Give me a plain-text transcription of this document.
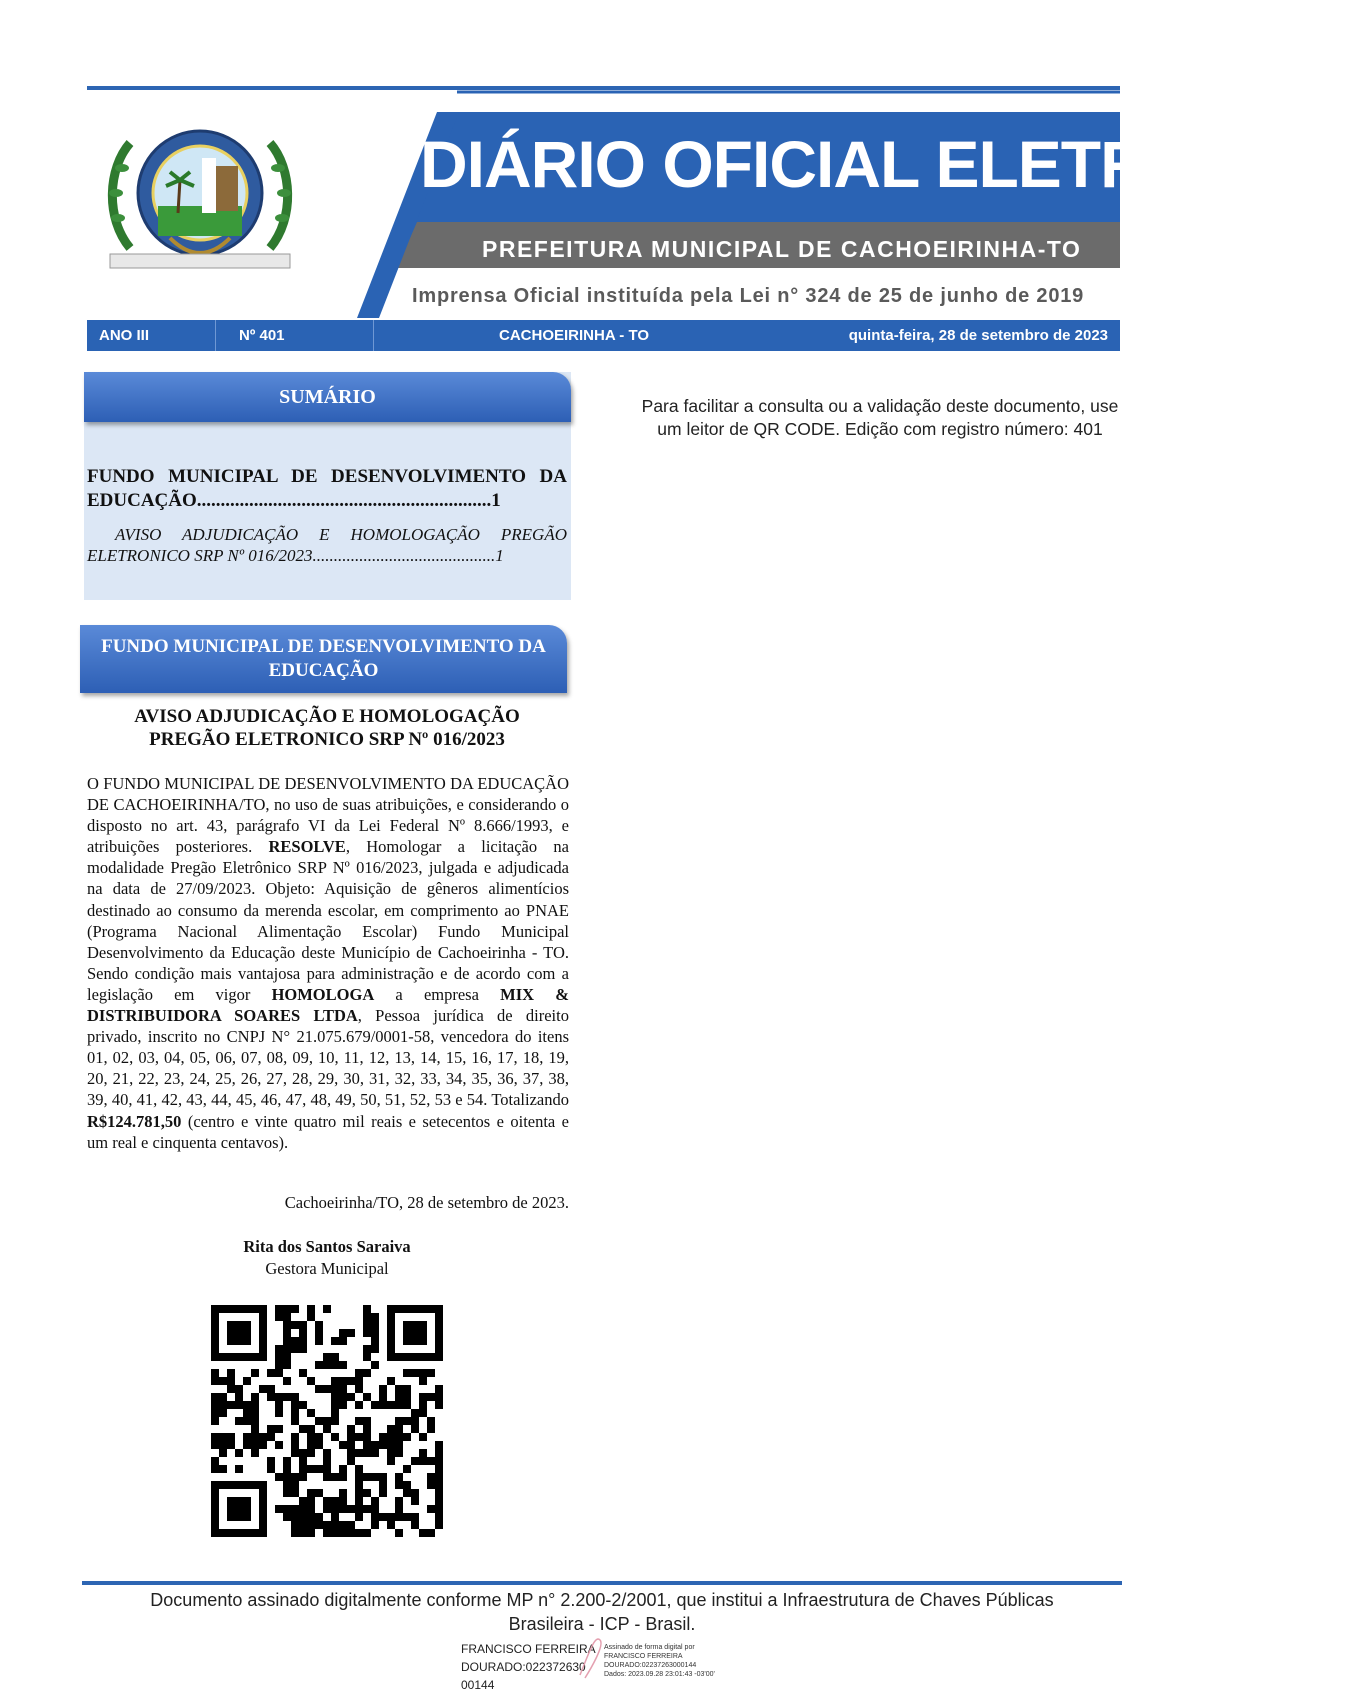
DIÁRIO OFICIAL ELETRÔNICO
PREFEITURA MUNICIPAL DE CACHOEIRINHA-TO
Imprensa Oficial instituída pela Lei n° 324 de 25 de junho de 2019
ANO III	Nº 401	CACHOEIRINHA - TO	quinta-feira, 28 de setembro de 2023
SUMÁRIO
FUNDO MUNICIPAL DE DESENVOLVIMENTO DA EDUCAÇÃO..............................................................1
AVISO ADJUDICAÇÃO E HOMOLOGAÇÃO PREGÃO ELETRONICO SRP Nº 016/2023...........................................1
FUNDO MUNICIPAL DE DESENVOLVIMENTO DA EDUCAÇÃO
AVISO ADJUDICAÇÃO E HOMOLOGAÇÃO
PREGÃO ELETRONICO SRP Nº 016/2023
O FUNDO MUNICIPAL DE DESENVOLVIMENTO DA EDUCAÇÃO DE CACHOEIRINHA/TO, no uso de suas atribuições, e considerando o disposto no art. 43, parágrafo VI da Lei Federal Nº 8.666/1993, e atribuições posteriores. RESOLVE, Homologar a licitação na modalidade Pregão Eletrônico SRP Nº 016/2023, julgada e adjudicada na data de 27/09/2023. Objeto: Aquisição de gêneros alimentícios destinado ao consumo da merenda escolar, em comprimento ao PNAE (Programa Nacional Alimentação Escolar) Fundo Municipal Desenvolvimento da Educação deste Município de Cachoeirinha - TO. Sendo condição mais vantajosa para administração e de acordo com a legislação em vigor HOMOLOGA a empresa MIX & DISTRIBUIDORA SOARES LTDA, Pessoa jurídica de direito privado, inscrito no CNPJ N° 21.075.679/0001-58, vencedora do itens 01, 02, 03, 04, 05, 06, 07, 08, 09, 10, 11, 12, 13, 14, 15, 16, 17, 18, 19, 20, 21, 22, 23, 24, 25, 26, 27, 28, 29, 30, 31, 32, 33, 34, 35, 36, 37, 38, 39, 40, 41, 42, 43, 44, 45, 46, 47, 48, 49, 50, 51, 52, 53 e 54. Totalizando R$124.781,50 (centro e vinte quatro mil reais e setecentos e oitenta e um real e cinquenta centavos).
Cachoeirinha/TO, 28 de setembro de 2023.
Rita dos Santos Saraiva
Gestora Municipal
Para facilitar a consulta ou a validação deste documento, use um leitor de QR CODE. Edição com registro número: 401
Documento assinado digitalmente conforme MP n° 2.200-2/2001, que institui a Infraestrutura de Chaves Públicas
Brasileira - ICP - Brasil.
FRANCISCO FERREIRA
DOURADO:022372630
00144
Assinado de forma digital por
FRANCISCO FERREIRA
DOURADO:02237263000144
Dados: 2023.09.28 23:01:43 -03'00'
